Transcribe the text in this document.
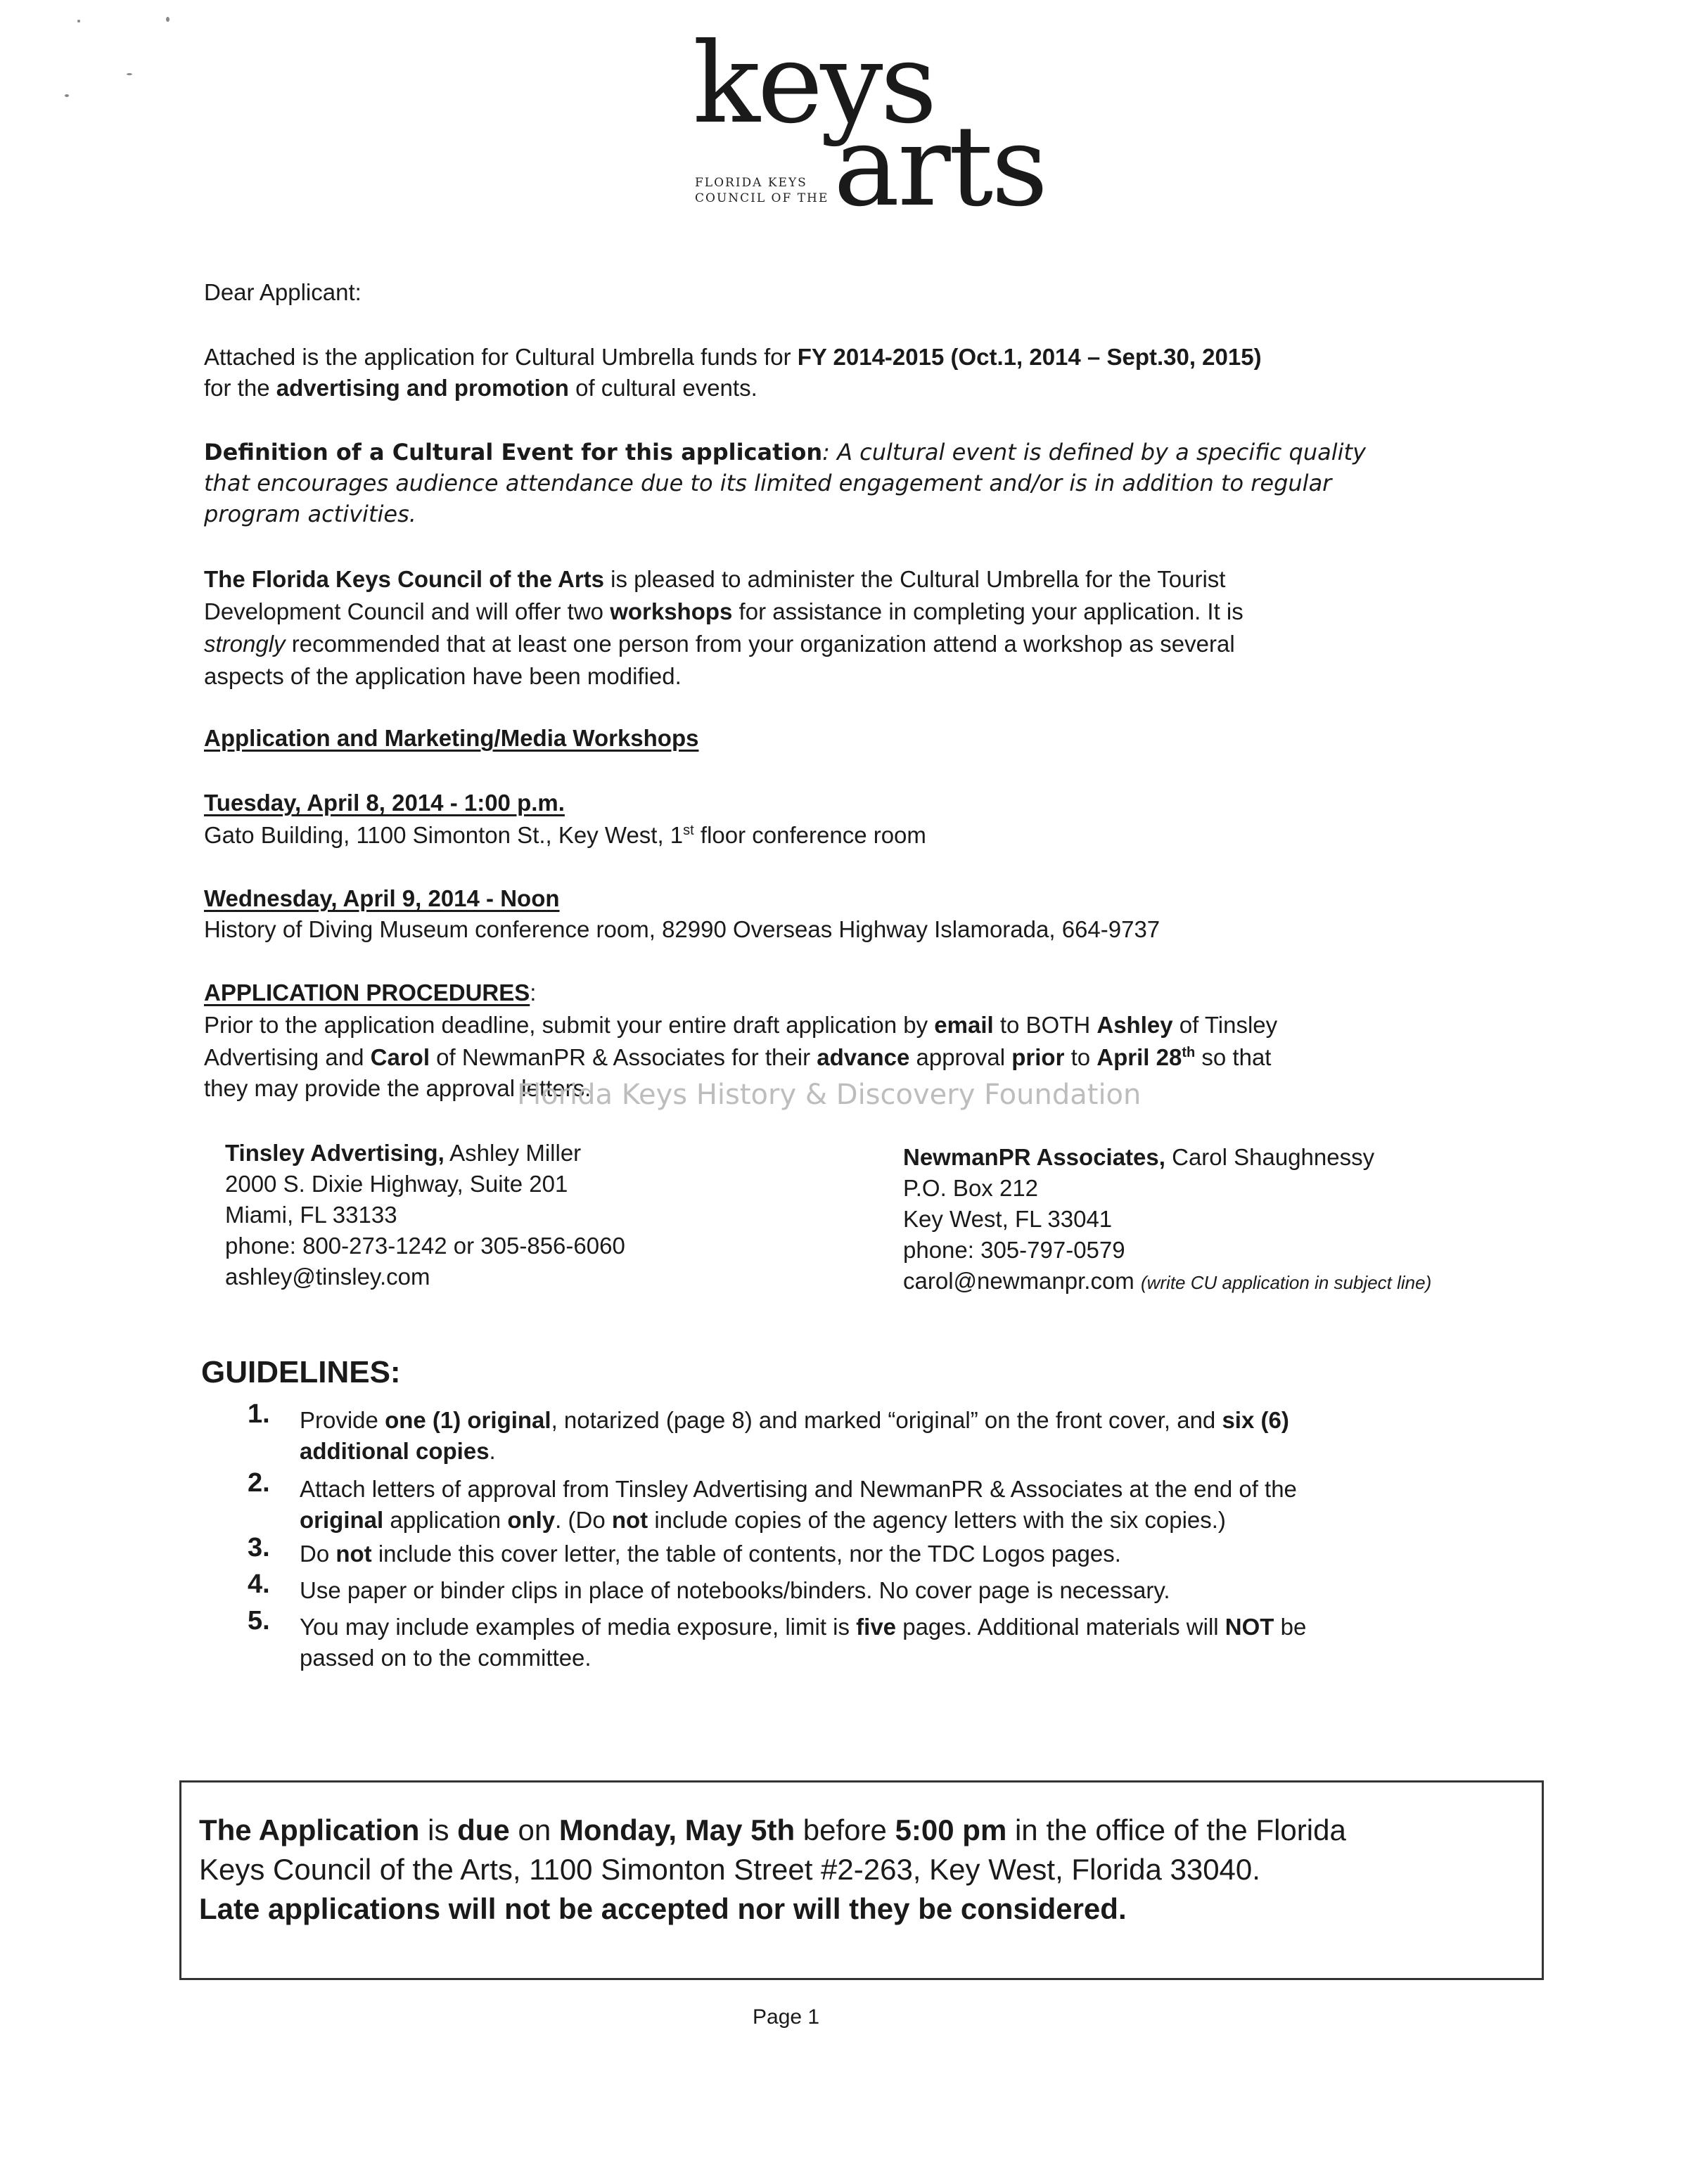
keys
arts
FLORIDA KEYS
COUNCIL OF THE
Dear Applicant:
Attached is the application for Cultural Umbrella funds for FY 2014-2015 (Oct.1, 2014 – Sept.30, 2015)
for the advertising and promotion of cultural events.
Definition of a Cultural Event for this application: A cultural event is defined by a specific quality
that encourages audience attendance due to its limited engagement and/or is in addition to regular
program activities.
The Florida Keys Council of the Arts is pleased to administer the Cultural Umbrella for the Tourist
Development Council and will offer two workshops for assistance in completing your application. It is
strongly recommended that at least one person from your organization attend a workshop as several
aspects of the application have been modified.
Application and Marketing/Media Workshops
Tuesday, April 8, 2014 - 1:00 p.m.
Gato Building, 1100 Simonton St., Key West, 1st floor conference room
Wednesday, April 9, 2014 - Noon
History of Diving Museum conference room, 82990 Overseas Highway Islamorada, 664-9737
APPLICATION PROCEDURES:
Prior to the application deadline, submit your entire draft application by email to BOTH Ashley of Tinsley
Advertising and Carol of NewmanPR & Associates for their advance approval prior to April 28th so that
they may provide the approval letters.
Florida Keys History & Discovery Foundation
Tinsley Advertising, Ashley Miller
2000 S. Dixie Highway, Suite 201
Miami, FL 33133
phone: 800-273-1242 or 305-856-6060
ashley@tinsley.com
NewmanPR Associates, Carol Shaughnessy
P.O. Box 212
Key West, FL 33041
phone: 305-797-0579
carol@newmanpr.com (write CU application in subject line)
GUIDELINES:
1. Provide one (1) original, notarized (page 8) and marked “original” on the front cover, and six (6)
additional copies.
2. Attach letters of approval from Tinsley Advertising and NewmanPR & Associates at the end of the
original application only. (Do not include copies of the agency letters with the six copies.)
3. Do not include this cover letter, the table of contents, nor the TDC Logos pages.
4. Use paper or binder clips in place of notebooks/binders. No cover page is necessary.
5. You may include examples of media exposure, limit is five pages. Additional materials will NOT be
passed on to the committee.
The Application is due on Monday, May 5th before 5:00 pm in the office of the Florida
Keys Council of the Arts, 1100 Simonton Street #2-263, Key West, Florida 33040.
Late applications will not be accepted nor will they be considered.
Page 1
